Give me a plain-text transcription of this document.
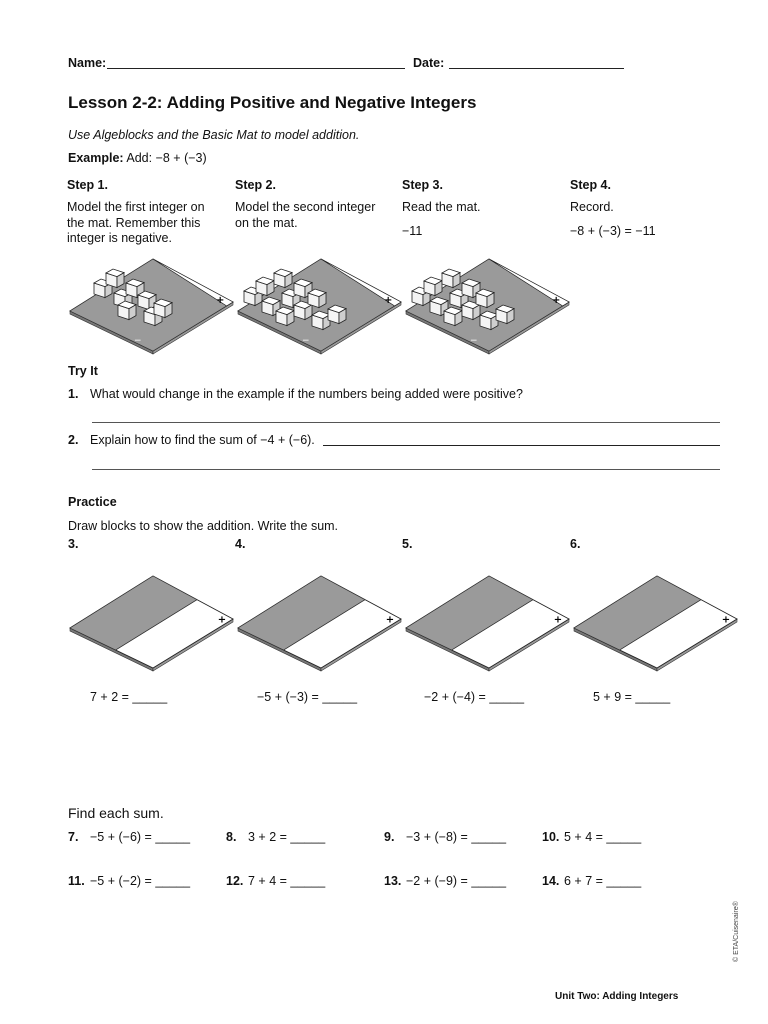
Name:	Date:
Lesson 2-2: Adding Positive and Negative Integers
Use Algeblocks and the Basic Mat to model addition.
Example: Add: −8 + (−3)
Step 1.
Model the first integer on the mat. Remember this integer is negative.
Step 2.
Model the second integer on the mat.
Step 3.
Read the mat.
−11
Step 4.
Record.
−8 + (−3) = −11
+
−
+
−
+
−
Try It
1. What would change in the example if the numbers being added were positive?
2. Explain how to find the sum of −4 + (−6).
Practice
Draw blocks to show the addition. Write the sum.
3.	4.	5.	6.
+
−
+
−
+
−
+
−
7 + 2 = _____	−5 + (−3) = _____	−2 + (−4) = _____	5 + 9 = _____
Find each sum.
7. −5 + (−6) = _____	8. 3 + 2 = _____	9. −3 + (−8) = _____	10. 5 + 4 = _____
11. −5 + (−2) = _____	12. 7 + 4 = _____	13. −2 + (−9) = _____	14. 6 + 7 = _____
© ETA/Cuisenaire®
Unit Two: Adding Integers
